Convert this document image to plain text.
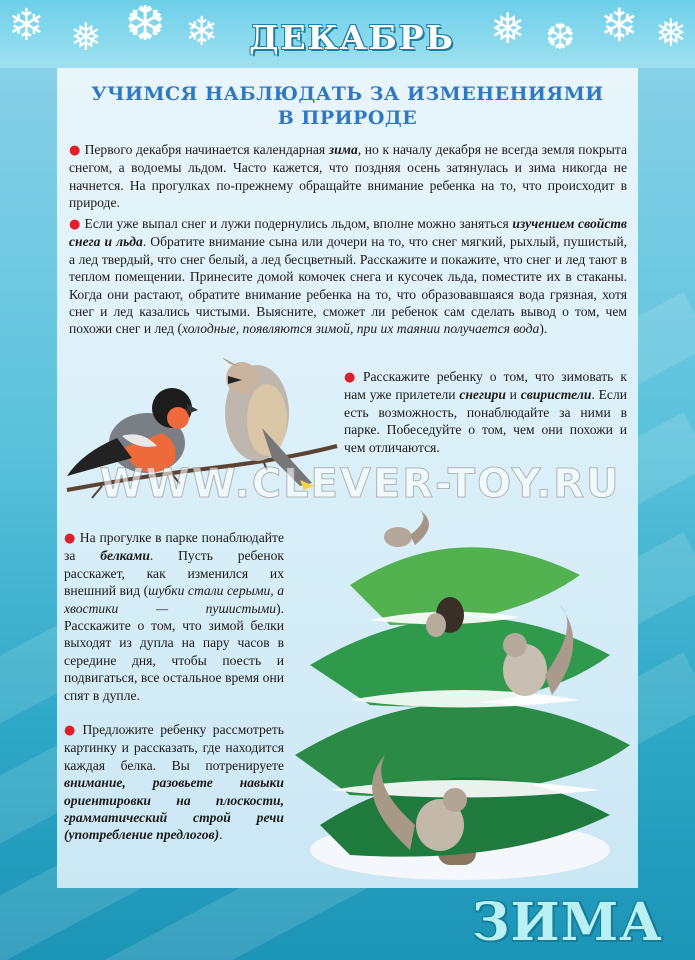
❄ ❅ ❆ ❄	❅ ❆ ❄ ❅
ДЕКАБРЬ
УЧИМСЯ НАБЛЮДАТЬ ЗА ИЗМЕНЕНИЯМИ
В ПРИРОДЕ

● Первого декабря начинается календарная зима, но к началу декабря не всегда земля покрыта снегом, а водоемы льдом. Часто кажется, что поздняя осень затянулась и зима никогда не начнется. На прогулках по-прежнему обращайте внимание ребенка на то, что происходит в природе.

● Если уже выпал снег и лужи подернулись льдом, вполне можно заняться изучением свойств снега и льда. Обратите внимание сына или дочери на то, что снег мягкий, рыхлый, пушистый, а лед твердый, что снег белый, а лед бесцветный. Расскажите и покажите, что снег и лед тают в теплом помещении. Принесите домой комочек снега и кусочек льда, поместите их в стаканы. Когда они растают, обратите внимание ребенка на то, что образовавшаяся вода грязная, хотя снег и лед казались чистыми. Выясните, сможет ли ребенок сам сделать вывод о том, чем похожи снег и лед (холодные, появляются зимой, при их таянии получается вода).

● Расскажите ребенку о том, что зимовать к нам уже прилетели снегири и свиристели. Если есть возможность, понаблюдайте за ними в парке. Побеседуйте о том, чем они похожи и чем отличаются.

WWW.CLEVER-TOY.RU

● На прогулке в парке понаблюдайте за белками. Пусть ребенок расскажет, как изменился их внешний вид (шубки стали серыми, а хвостики — пушистыми). Расскажите о том, что зимой белки выходят из дупла на пару часов в середине дня, чтобы поесть и подвигаться, все остальное время они спят в дупле.

● Предложите ребенку рассмотреть картинку и рассказать, где находится каждая белка. Вы потренируете внимание, разовьете навыки ориентировки на плоскости, грамматический строй речи (употребление предлогов).

ЗИМА
